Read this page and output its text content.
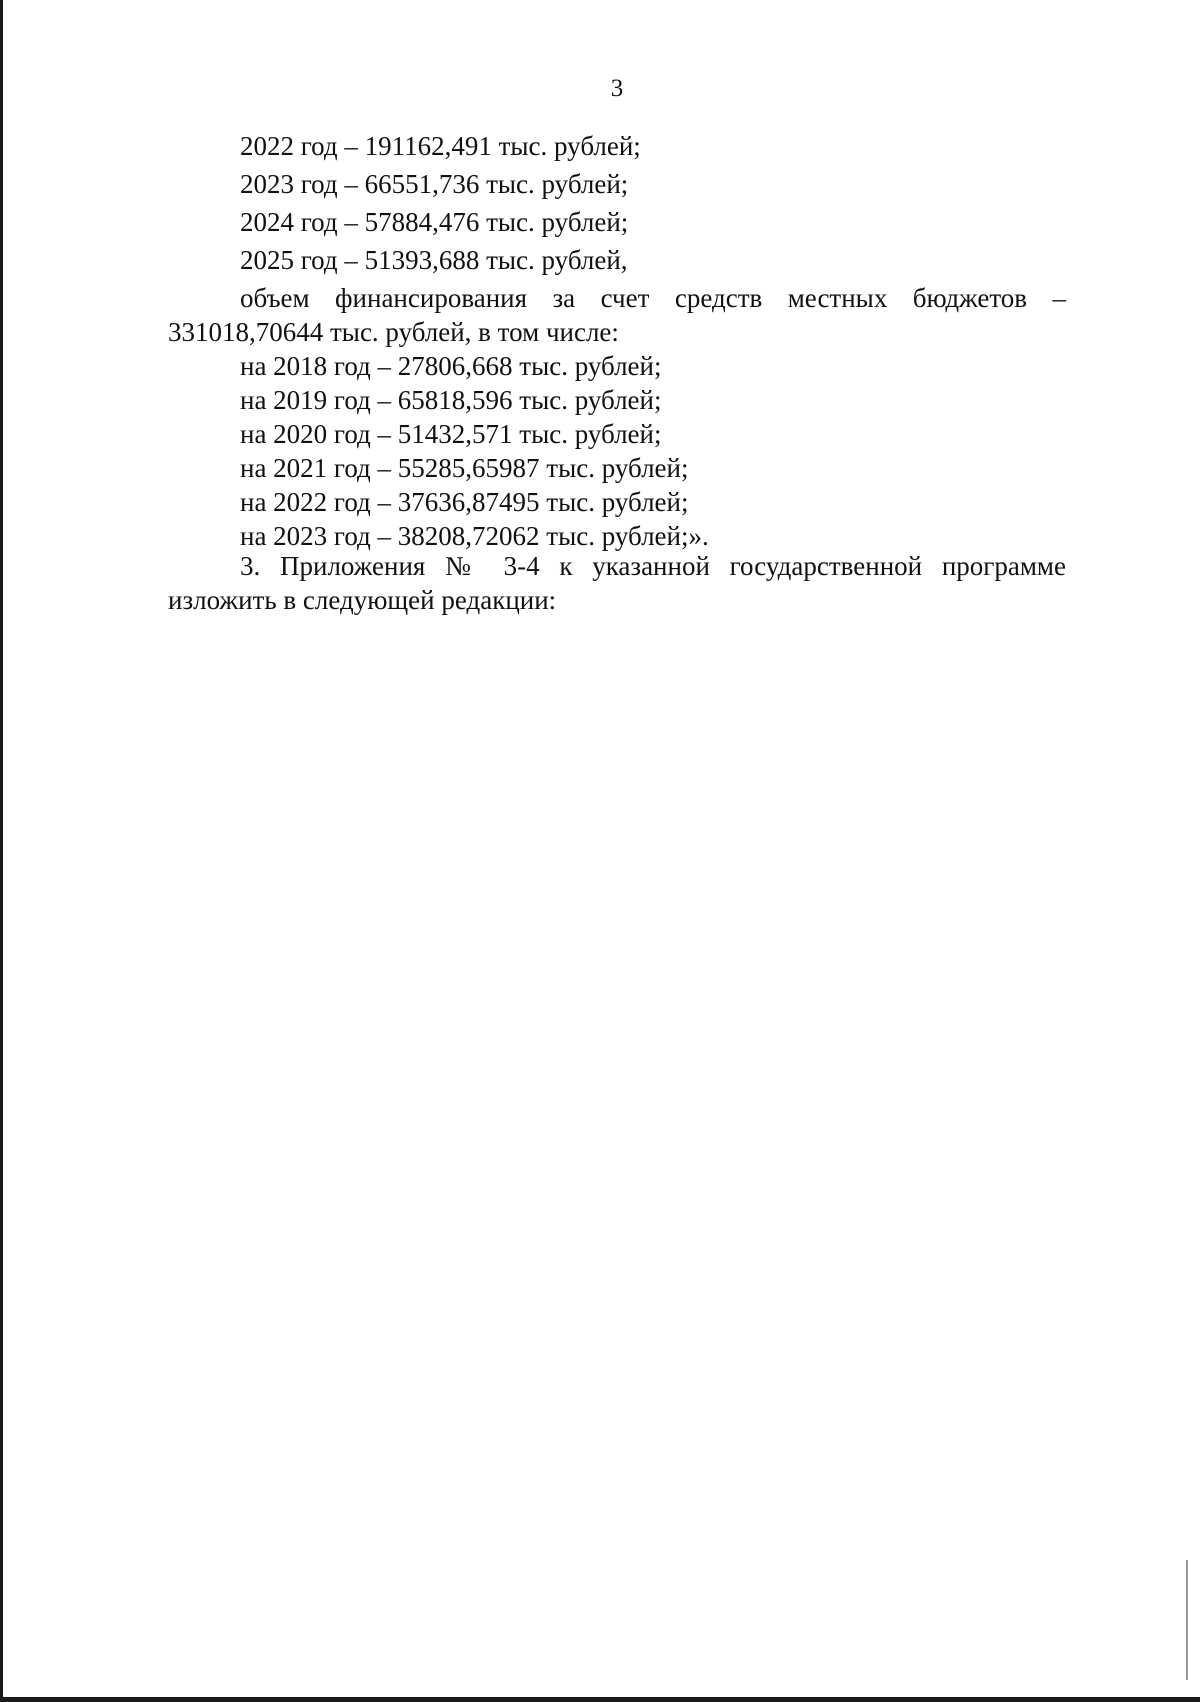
3
2022 год – 191162,491 тыс. рублей;
2023 год – 66551,736 тыс. рублей;
2024 год – 57884,476 тыс. рублей;
2025 год – 51393,688 тыс. рублей,
объем финансирования за счет средств местных бюджетов –
331018,70644 тыс. рублей, в том числе:
на 2018 год – 27806,668 тыс. рублей;
на 2019 год – 65818,596 тыс. рублей;
на 2020 год – 51432,571 тыс. рублей;
на 2021 год – 55285,65987 тыс. рублей;
на 2022 год – 37636,87495 тыс. рублей;
на 2023 год – 38208,72062 тыс. рублей;».
3. Приложения № 3-4 к указанной государственной программе
изложить в следующей редакции:
